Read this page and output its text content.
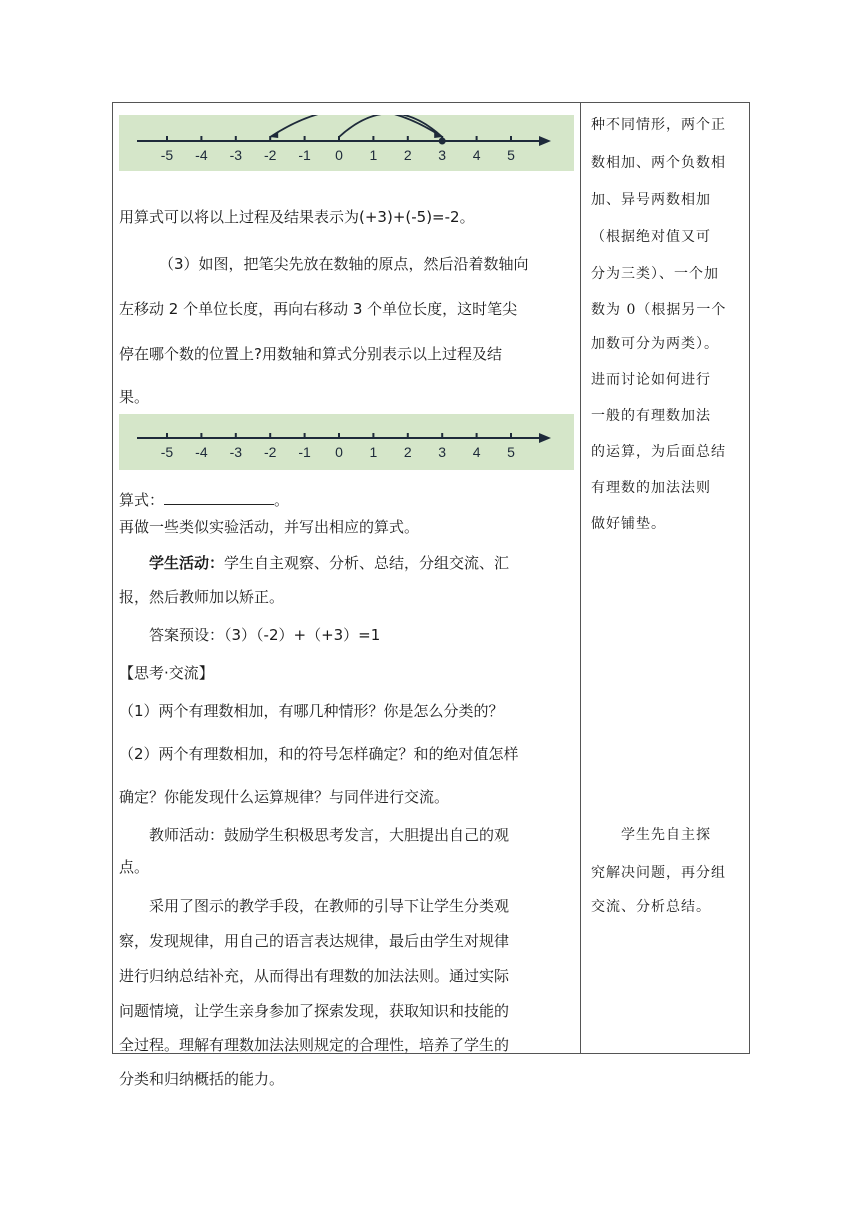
-5 -4 -3 -2 -1 0 1 2 3 4 5
用算式可以将以上过程及结果表示为(+3)+(-5)=-2。
（3）如图，把笔尖先放在数轴的原点，然后沿着数轴向
左移动 2 个单位长度，再向右移动 3 个单位长度，这时笔尖
停在哪个数的位置上?用数轴和算式分别表示以上过程及结
果。
-5 -4 -3 -2 -1 0 1 2 3 4 5
算式：	。
再做一些类似实验活动，并写出相应的算式。
学生活动：学生自主观察、分析、总结，分组交流、汇
报，然后教师加以矫正。
答案预设：（3）（-2）+（+3）=1
【思考·交流】
（1）两个有理数相加，有哪几种情形？你是怎么分类的？
（2）两个有理数相加，和的符号怎样确定？和的绝对值怎样
确定？你能发现什么运算规律？与同伴进行交流。
教师活动：鼓励学生积极思考发言，大胆提出自己的观
点。
采用了图示的教学手段，在教师的引导下让学生分类观
察，发现规律，用自己的语言表达规律，最后由学生对规律
进行归纳总结补充，从而得出有理数的加法法则。通过实际
问题情境，让学生亲身参加了探索发现，获取知识和技能的
全过程。理解有理数加法法则规定的合理性，培养了学生的
分类和归纳概括的能力。
种不同情形，两个正
数相加、两个负数相
加、异号两数相加
（根据绝对值又可
分为三类）、一个加
数为 0（根据另一个
加数可分为两类）。
进而讨论如何进行
一般的有理数加法
的运算，为后面总结
有理数的加法法则
做好铺垫。
学生先自主探
究解决问题，再分组
交流、分析总结。
